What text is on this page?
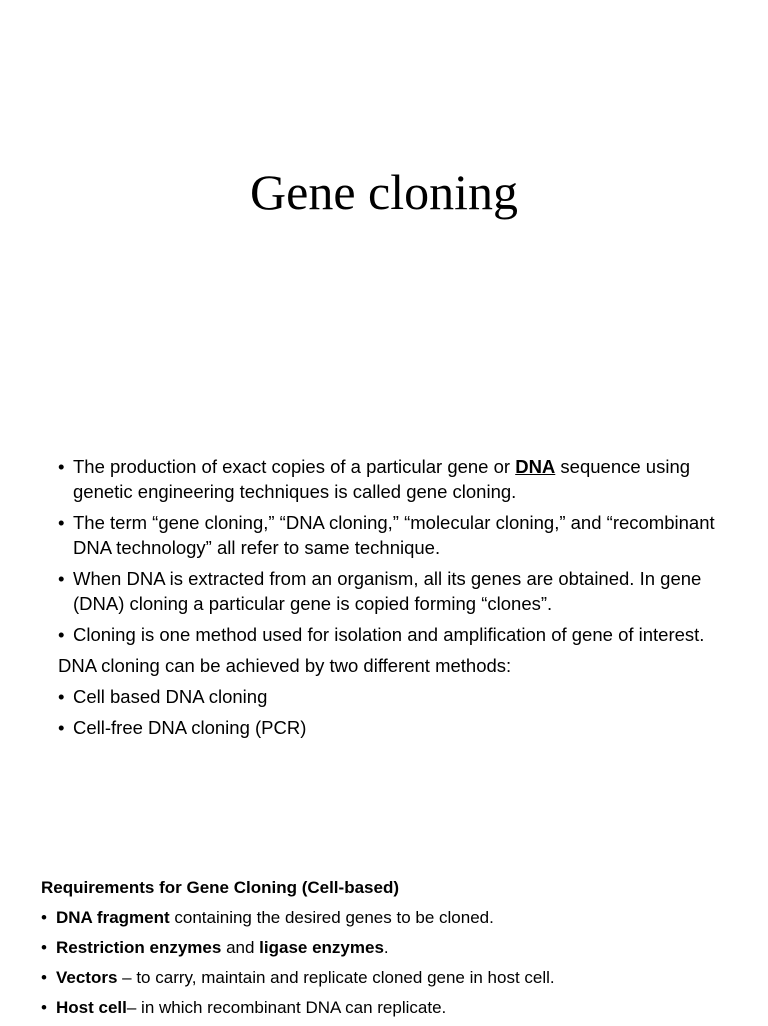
Gene cloning
• The production of exact copies of a particular gene or DNA sequence using genetic engineering techniques is called gene cloning.
• The term “gene cloning,” “DNA cloning,” “molecular cloning,” and “recombinant DNA technology” all refer to same technique.
• When DNA is extracted from an organism, all its genes are obtained. In gene (DNA) cloning a particular gene is copied forming “clones”.
• Cloning is one method used for isolation and amplification of gene of interest.
DNA cloning can be achieved by two different methods:
• Cell based DNA cloning
• Cell-free DNA cloning (PCR)
Requirements for Gene Cloning (Cell-based)
• DNA fragment containing the desired genes to be cloned.
• Restriction enzymes and ligase enzymes.
• Vectors – to carry, maintain and replicate cloned gene in host cell.
• Host cell– in which recombinant DNA can replicate.
